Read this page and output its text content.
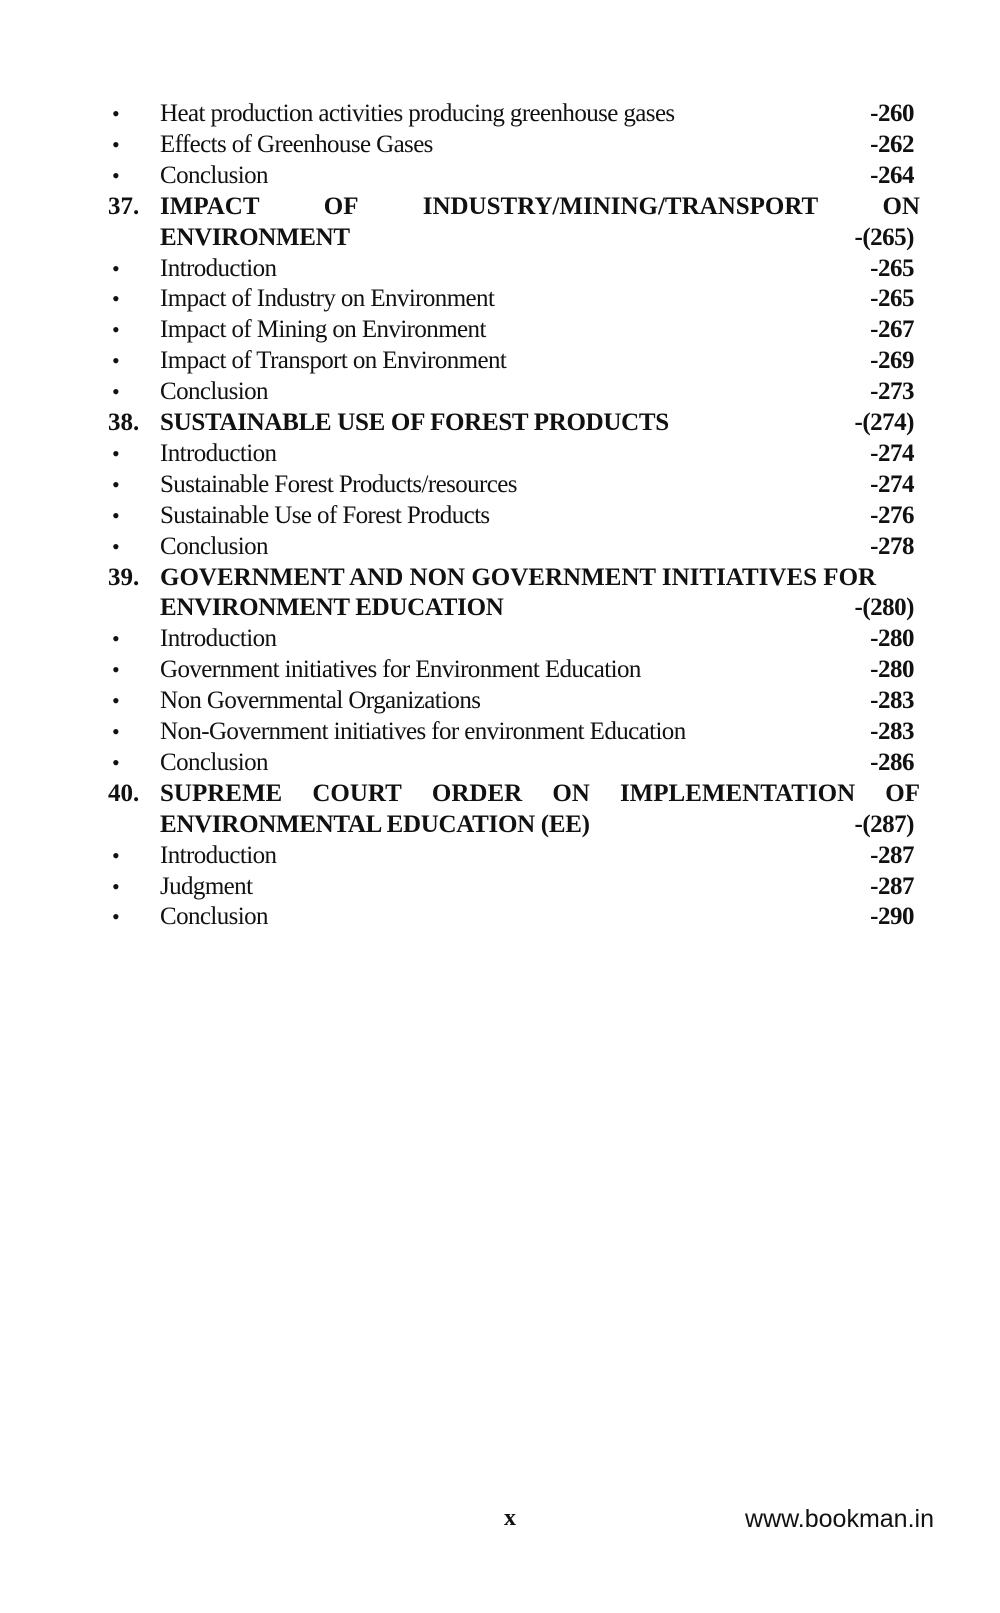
• Heat production activities producing greenhouse gases	-260
• Effects of Greenhouse Gases	-262
• Conclusion	-264
37. IMPACT	OF	INDUSTRY/MINING/TRANSPORT	ON
ENVIRONMENT	-(265)
• Introduction	-265
• Impact of Industry on Environment	-265
• Impact of Mining on Environment	-267
• Impact of Transport on Environment	-269
• Conclusion	-273
38. SUSTAINABLE USE OF FOREST PRODUCTS	-(274)
• Introduction	-274
• Sustainable Forest Products/resources	-274
• Sustainable Use of Forest Products	-276
• Conclusion	-278
39. GOVERNMENT AND NON GOVERNMENT INITIATIVES FOR
ENVIRONMENT EDUCATION	-(280)
• Introduction	-280
• Government initiatives for Environment Education	-280
• Non Governmental Organizations	-283
• Non-Government initiatives for environment Education	-283
• Conclusion	-286
40. SUPREME COURT ORDER ON IMPLEMENTATION OF
ENVIRONMENTAL EDUCATION (EE)	-(287)
• Introduction	-287
• Judgment	-287
• Conclusion	-290
x	www.bookman.in
